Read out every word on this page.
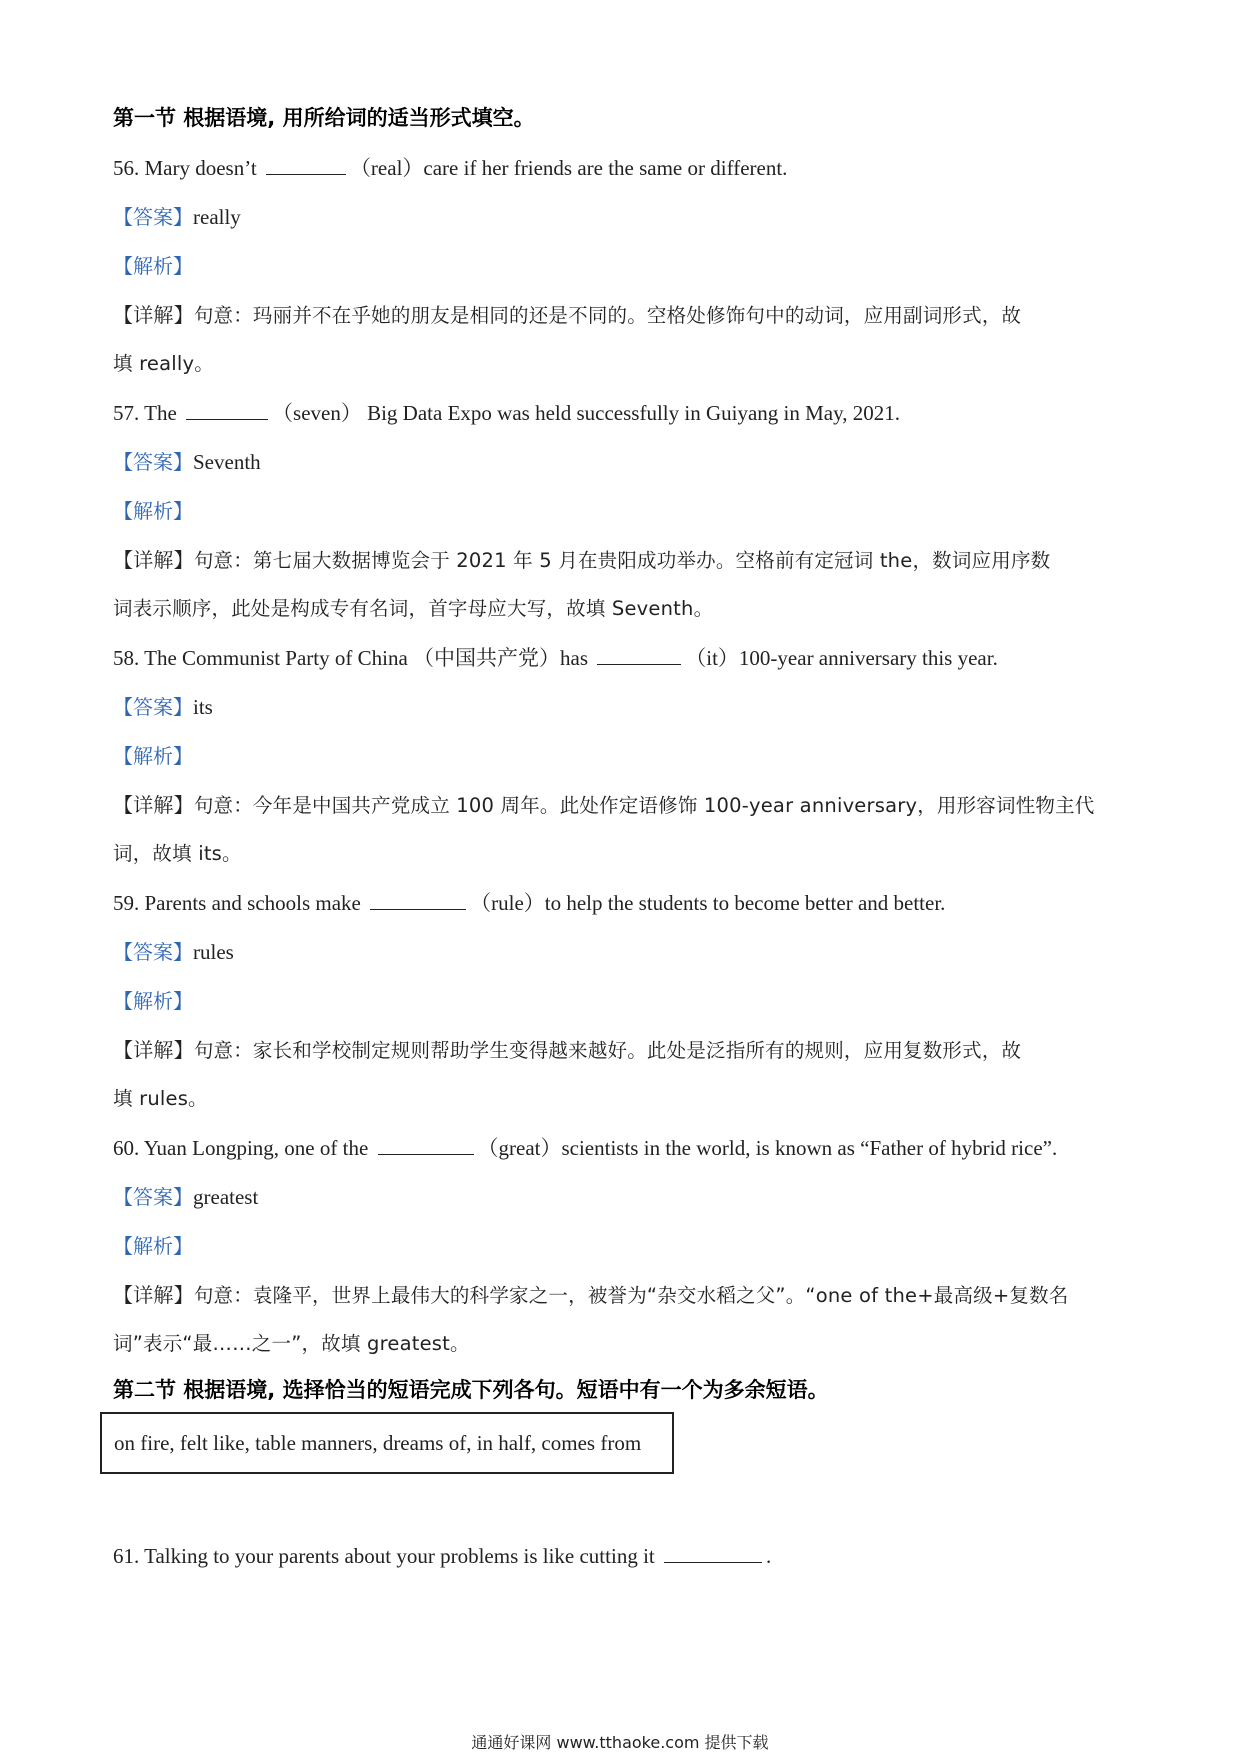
第一节 根据语境, 用所给词的适当形式填空。
56. Mary doesn’t	（real）care if her friends are the same or different.
【答案】really
【解析】
【详解】句意：玛丽并不在乎她的朋友是相同的还是不同的。空格处修饰句中的动词，应用副词形式，故
填 really。
57. The	（seven） Big Data Expo was held successfully in Guiyang in May, 2021.
【答案】Seventh
【解析】
【详解】句意：第七届大数据博览会于 2021 年 5 月在贵阳成功举办。空格前有定冠词 the，数词应用序数
词表示顺序，此处是构成专有名词，首字母应大写，故填 Seventh。
58. The Communist Party of China （中国共产党）has	（it）100-year anniversary this year.
【答案】its
【解析】
【详解】句意：今年是中国共产党成立 100 周年。此处作定语修饰 100-year anniversary，用形容词性物主代
词，故填 its。
59. Parents and schools make	（rule）to help the students to become better and better.
【答案】rules
【解析】
【详解】句意：家长和学校制定规则帮助学生变得越来越好。此处是泛指所有的规则，应用复数形式，故
填 rules。
60. Yuan Longping, one of the	（great）scientists in the world, is known as “Father of hybrid rice”.
【答案】greatest
【解析】
【详解】句意：袁隆平，世界上最伟大的科学家之一，被誉为“杂交水稻之父”。“one of the+最高级+复数名
词”表示“最……之一”，故填 greatest。
第二节 根据语境, 选择恰当的短语完成下列各句。短语中有一个为多余短语。
on fire, felt like, table manners, dreams of, in half, comes from
61. Talking to your parents about your problems is like cutting it	.
通通好课网 www.tthaoke.com 提供下载
